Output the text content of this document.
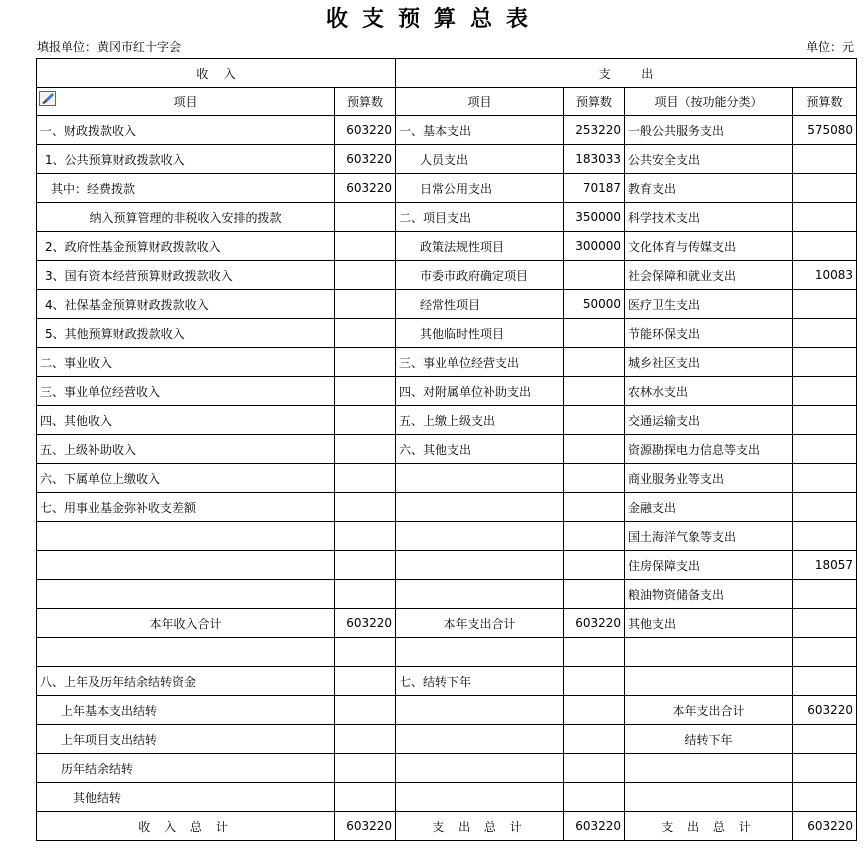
收支预算总表
填报单位：黄冈市红十字会	单位：元
收    入		支        出			

项目	预算数	项目	预算数	项目（按功能分类）	预算数
一、财政拨款收入	603220	一、基本支出	253220	一般公共服务支出	575080
1、公共预算财政拨款收入	603220	人员支出	183033	公共安全支出	
其中：经费拨款	603220	日常公用支出	70187	教育支出	
纳入预算管理的非税收入安排的拨款		二、项目支出	350000	科学技术支出	
2、政府性基金预算财政拨款收入		政策法规性项目	300000	文化体育与传媒支出	
3、国有资本经营预算财政拨款收入		市委市政府确定项目		社会保障和就业支出	10083
4、社保基金预算财政拨款收入		经常性项目	50000	医疗卫生支出	
5、其他预算财政拨款收入		其他临时性项目		节能环保支出	
二、事业收入		三、事业单位经营支出		城乡社区支出	
三、事业单位经营收入		四、对附属单位补助支出		农林水支出	
四、其他收入		五、上缴上级支出		交通运输支出	
五、上级补助收入		六、其他支出		资源勘探电力信息等支出	
六、下属单位上缴收入				商业服务业等支出	
七、用事业基金弥补收支差额				金融支出	
				国土海洋气象等支出	
				住房保障支出	18057
				粮油物资储备支出	
本年收入合计	603220	本年支出合计	603220	其他支出	

八、上年及历年结余结转资金		七、结转下年			
上年基本支出结转				本年支出合计	603220
上年项目支出结转				结转下年	
历年结余结转					
其他结转					
收 入 总 计	603220	支 出 总 计	603220	支 出 总 计	603220
